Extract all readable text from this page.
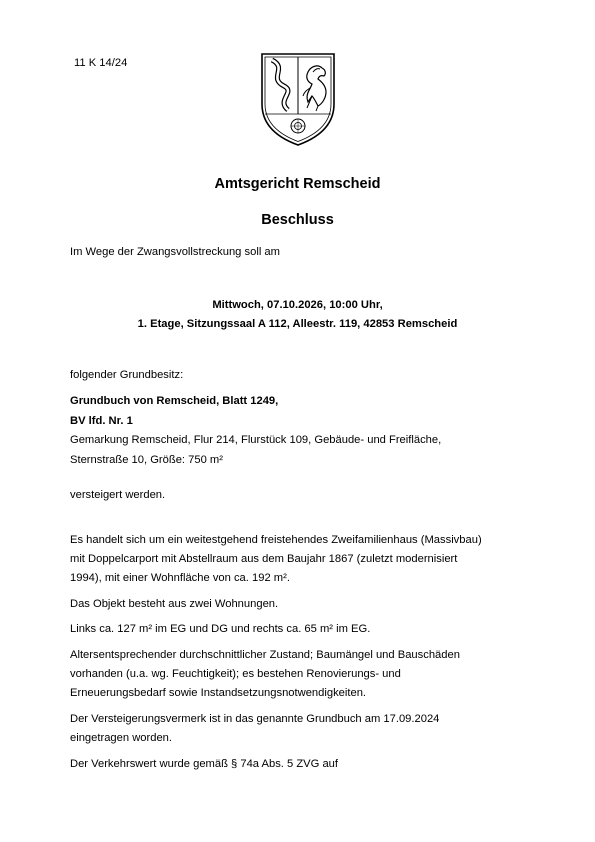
11 K 14/24
Amtsgericht Remscheid
Beschluss
Im Wege der Zwangsvollstreckung soll am
Mittwoch, 07.10.2026, 10:00 Uhr,
1. Etage, Sitzungssaal A 112, Alleestr. 119, 42853 Remscheid
folgender Grundbesitz:
Grundbuch von Remscheid, Blatt 1249,
BV lfd. Nr. 1
Gemarkung Remscheid, Flur 214, Flurstück 109, Gebäude- und Freifläche,
Sternstraße 10, Größe: 750 m²
versteigert werden.
Es handelt sich um ein weitestgehend freistehendes Zweifamilienhaus (Massivbau)
mit Doppelcarport mit Abstellraum aus dem Baujahr 1867 (zuletzt modernisiert
1994), mit einer Wohnfläche von ca. 192 m².
Das Objekt besteht aus zwei Wohnungen.
Links ca. 127 m² im EG und DG und rechts ca. 65 m² im EG.
Altersentsprechender durchschnittlicher Zustand; Baumängel und Bauschäden
vorhanden (u.a. wg. Feuchtigkeit); es bestehen Renovierungs- und
Erneuerungsbedarf sowie Instandsetzungsnotwendigkeiten.
Der Versteigerungsvermerk ist in das genannte Grundbuch am 17.09.2024
eingetragen worden.
Der Verkehrswert wurde gemäß § 74a Abs. 5 ZVG auf
